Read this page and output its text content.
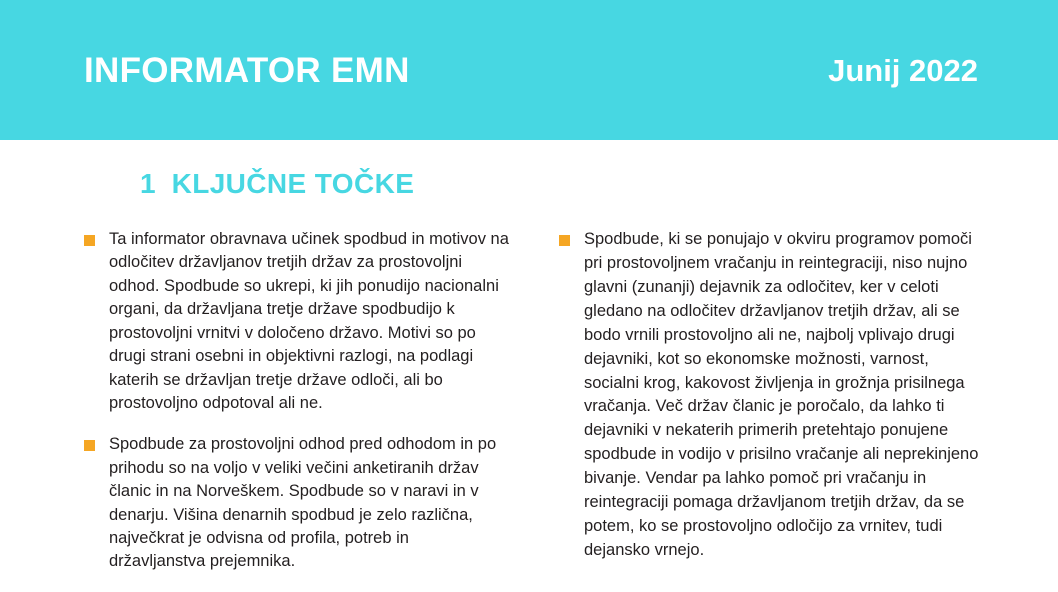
INFORMATOR EMN	Junij 2022
1 KLJUČNE TOČKE
Ta informator obravnava učinek spodbud in motivov na odločitev državljanov tretjih držav za prostovoljni odhod. Spodbude so ukrepi, ki jih ponudijo nacionalni organi, da državljana tretje države spodbudijo k prostovoljni vrnitvi v določeno državo. Motivi so po drugi strani osebni in objektivni razlogi, na podlagi katerih se državljan tretje države odloči, ali bo prostovoljno odpotoval ali ne.
Spodbude za prostovoljni odhod pred odhodom in po prihodu so na voljo v veliki večini anketiranih držav članic in na Norveškem. Spodbude so v naravi in v denarju. Višina denarnih spodbud je zelo različna, največkrat je odvisna od profila, potreb in državljanstva prejemnika.
Spodbude, ki se ponujajo v okviru programov pomoči pri prostovoljnem vračanju in reintegraciji, niso nujno glavni (zunanji) dejavnik za odločitev, ker v celoti gledano na odločitev državljanov tretjih držav, ali se bodo vrnili prostovoljno ali ne, najbolj vplivajo drugi dejavniki, kot so ekonomske možnosti, varnost, socialni krog, kakovost življenja in grožnja prisilnega vračanja. Več držav članic je poročalo, da lahko ti dejavniki v nekaterih primerih pretehtajo ponujene spodbude in vodijo v prisilno vračanje ali neprekinjeno bivanje. Vendar pa lahko pomoč pri vračanju in reintegraciji pomaga državljanom tretjih držav, da se potem, ko se prostovoljno odločijo za vrnitev, tudi dejansko vrnejo.
